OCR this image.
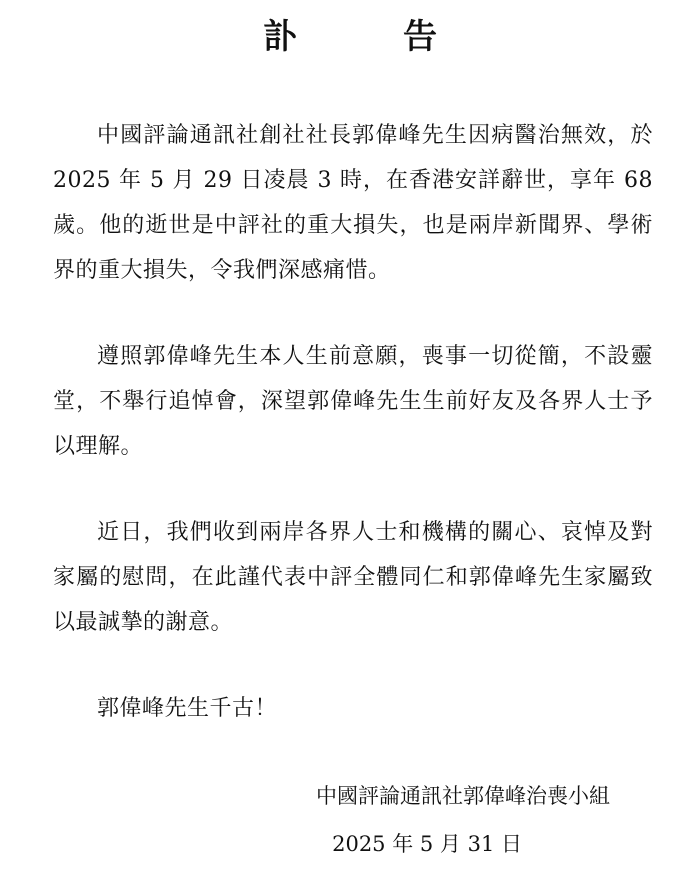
訃　告
中國評論通訊社創社社長郭偉峰先生因病醫治無效，於 2025 年 5 月 29 日凌晨 3 時，在香港安詳辭世，享年 68 歲。他的逝世是中評社的重大損失，也是兩岸新聞界、學術界的重大損失，令我們深感痛惜。
遵照郭偉峰先生本人生前意願，喪事一切從簡，不設靈堂，不舉行追悼會，深望郭偉峰先生生前好友及各界人士予以理解。
近日，我們收到兩岸各界人士和機構的關心、哀悼及對家屬的慰問，在此謹代表中評全體同仁和郭偉峰先生家屬致以最誠摯的謝意。
郭偉峰先生千古！
中國評論通訊社郭偉峰治喪小組
2025 年 5 月 31 日
